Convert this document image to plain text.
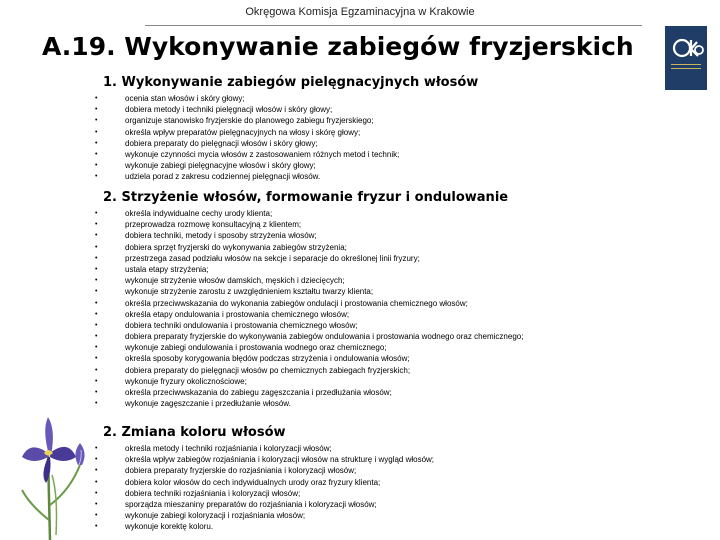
Okręgowa Komisja Egzaminacyjna w Krakowie
A.19. Wykonywanie zabiegów fryzjerskich
1. Wykonywanie zabiegów pielęgnacyjnych włosów
• ocenia stan włosów i skóry głowy;
• dobiera metody i techniki pielęgnacji włosów i skóry głowy;
• organizuje stanowisko fryzjerskie do planowego zabiegu fryzjerskiego;
• określa wpływ preparatów pielęgnacyjnych na włosy i skórę głowy;
• dobiera preparaty do pielęgnacji włosów i skóry głowy;
• wykonuje czynności mycia włosów z zastosowaniem różnych metod i technik;
• wykonuje zabiegi pielęgnacyjne włosów i skóry głowy;
• udziela porad z zakresu codziennej pielęgnacji włosów.
2. Strzyżenie włosów, formowanie fryzur i ondulowanie
• określa indywidualne cechy urody klienta;
• przeprowadza rozmowę konsultacyjną z klientem;
• dobiera techniki, metody i sposoby strzyżenia włosów;
• dobiera sprzęt fryzjerski do wykonywania zabiegów strzyżenia;
• przestrzega zasad podziału włosów na sekcje i separacje do określonej linii fryzury;
• ustala etapy strzyżenia;
• wykonuje strzyżenie włosów damskich, męskich i dziecięcych;
• wykonuje strzyżenie zarostu z uwzględnieniem kształtu twarzy klienta;
• określa przeciwwskazania do wykonania zabiegów ondulacji i prostowania chemicznego włosów;
• określa etapy ondulowania i prostowania chemicznego włosów;
• dobiera techniki ondulowania i prostowania chemicznego włosów;
• dobiera preparaty fryzjerskie do wykonywania zabiegów ondulowania i prostowania wodnego oraz chemicznego;
• wykonuje zabiegi ondulowania i prostowania wodnego oraz chemicznego;
• określa sposoby korygowania błędów podczas strzyżenia i ondulowania włosów;
• dobiera preparaty do pielęgnacji włosów po chemicznych zabiegach fryzjerskich;
• wykonuje fryzury okolicznościowe;
• określa przeciwwskazania do zabiegu zagęszczania i przedłużania włosów;
• wykonuje zagęszczanie i przedłużanie włosów.
2. Zmiana koloru włosów
• określa metody i techniki rozjaśniania i koloryzacji włosów;
• określa wpływ zabiegów rozjaśniania i koloryzacji włosów na strukturę i wygląd włosów;
• dobiera preparaty fryzjerskie do rozjaśniania i koloryzacji włosów;
• dobiera kolor włosów do cech indywidualnych urody oraz fryzury klienta;
• dobiera techniki rozjaśniania i koloryzacji włosów;
• sporządza mieszaniny preparatów do rozjaśniania i koloryzacji włosów;
• wykonuje zabiegi koloryzacji i rozjaśniania włosów;
• wykonuje korektę koloru.
